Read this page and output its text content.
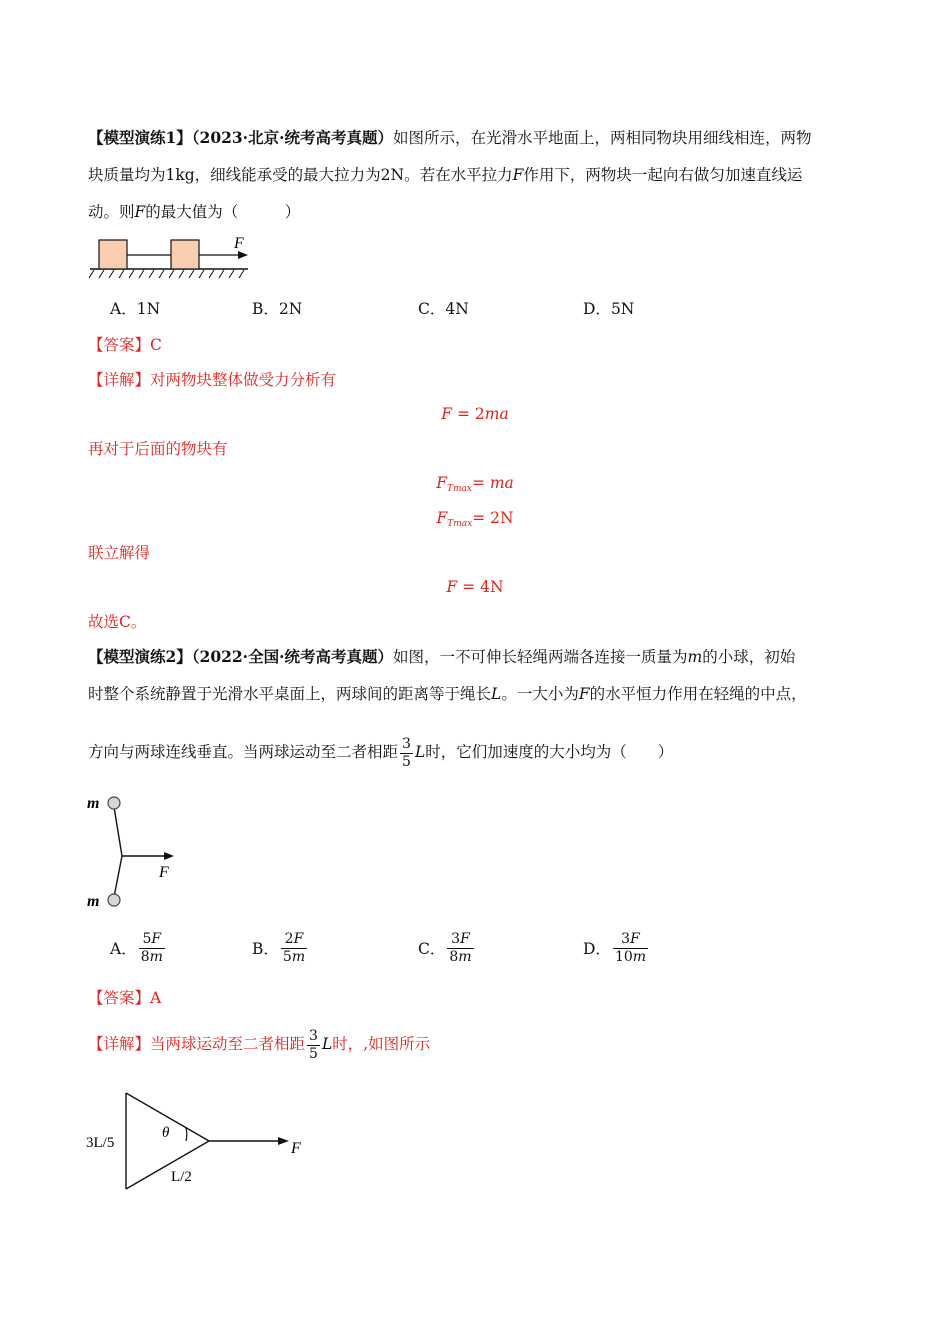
【模型演练1】（2023·北京·统考高考真题）如图所示，在光滑水平地面上，两相同物块用细线相连，两物
块质量均为1kg，细线能承受的最大拉力为2N。若在水平拉力F作用下，两物块一起向右做匀加速直线运
动。则F的最大值为（　　　）
F
A．1N	B．2N	C．4N	D．5N
【答案】C
【详解】对两物块整体做受力分析有
F = 2ma
再对于后面的物块有
$F_{Tmax}=$ ma
$F_{Tmax}= 2N$
联立解得
F = 4N
故选C。
【模型演练2】（2022·全国·统考高考真题）如图，一不可伸长轻绳两端各连接一质量为m的小球，初始
时整个系统静置于光滑水平桌面上，两球间的距离等于绳长L。一大小为F的水平恒力作用在轻绳的中点，
方向与两球连线垂直。当两球运动至二者相距 $\frac{3}{5}$ L时，它们加速度的大小均为（　　）
m
m
F
A． $\frac{5F}{8m}$	B． $\frac{2F}{5m}$	C． $\frac{3F}{8m}$	D． $\frac{3F}{10m}$
【答案】A
【详解】当两球运动至二者相距 $\frac{3}{5}$ L时，,如图所示
θ
3L/5
L/2
F
